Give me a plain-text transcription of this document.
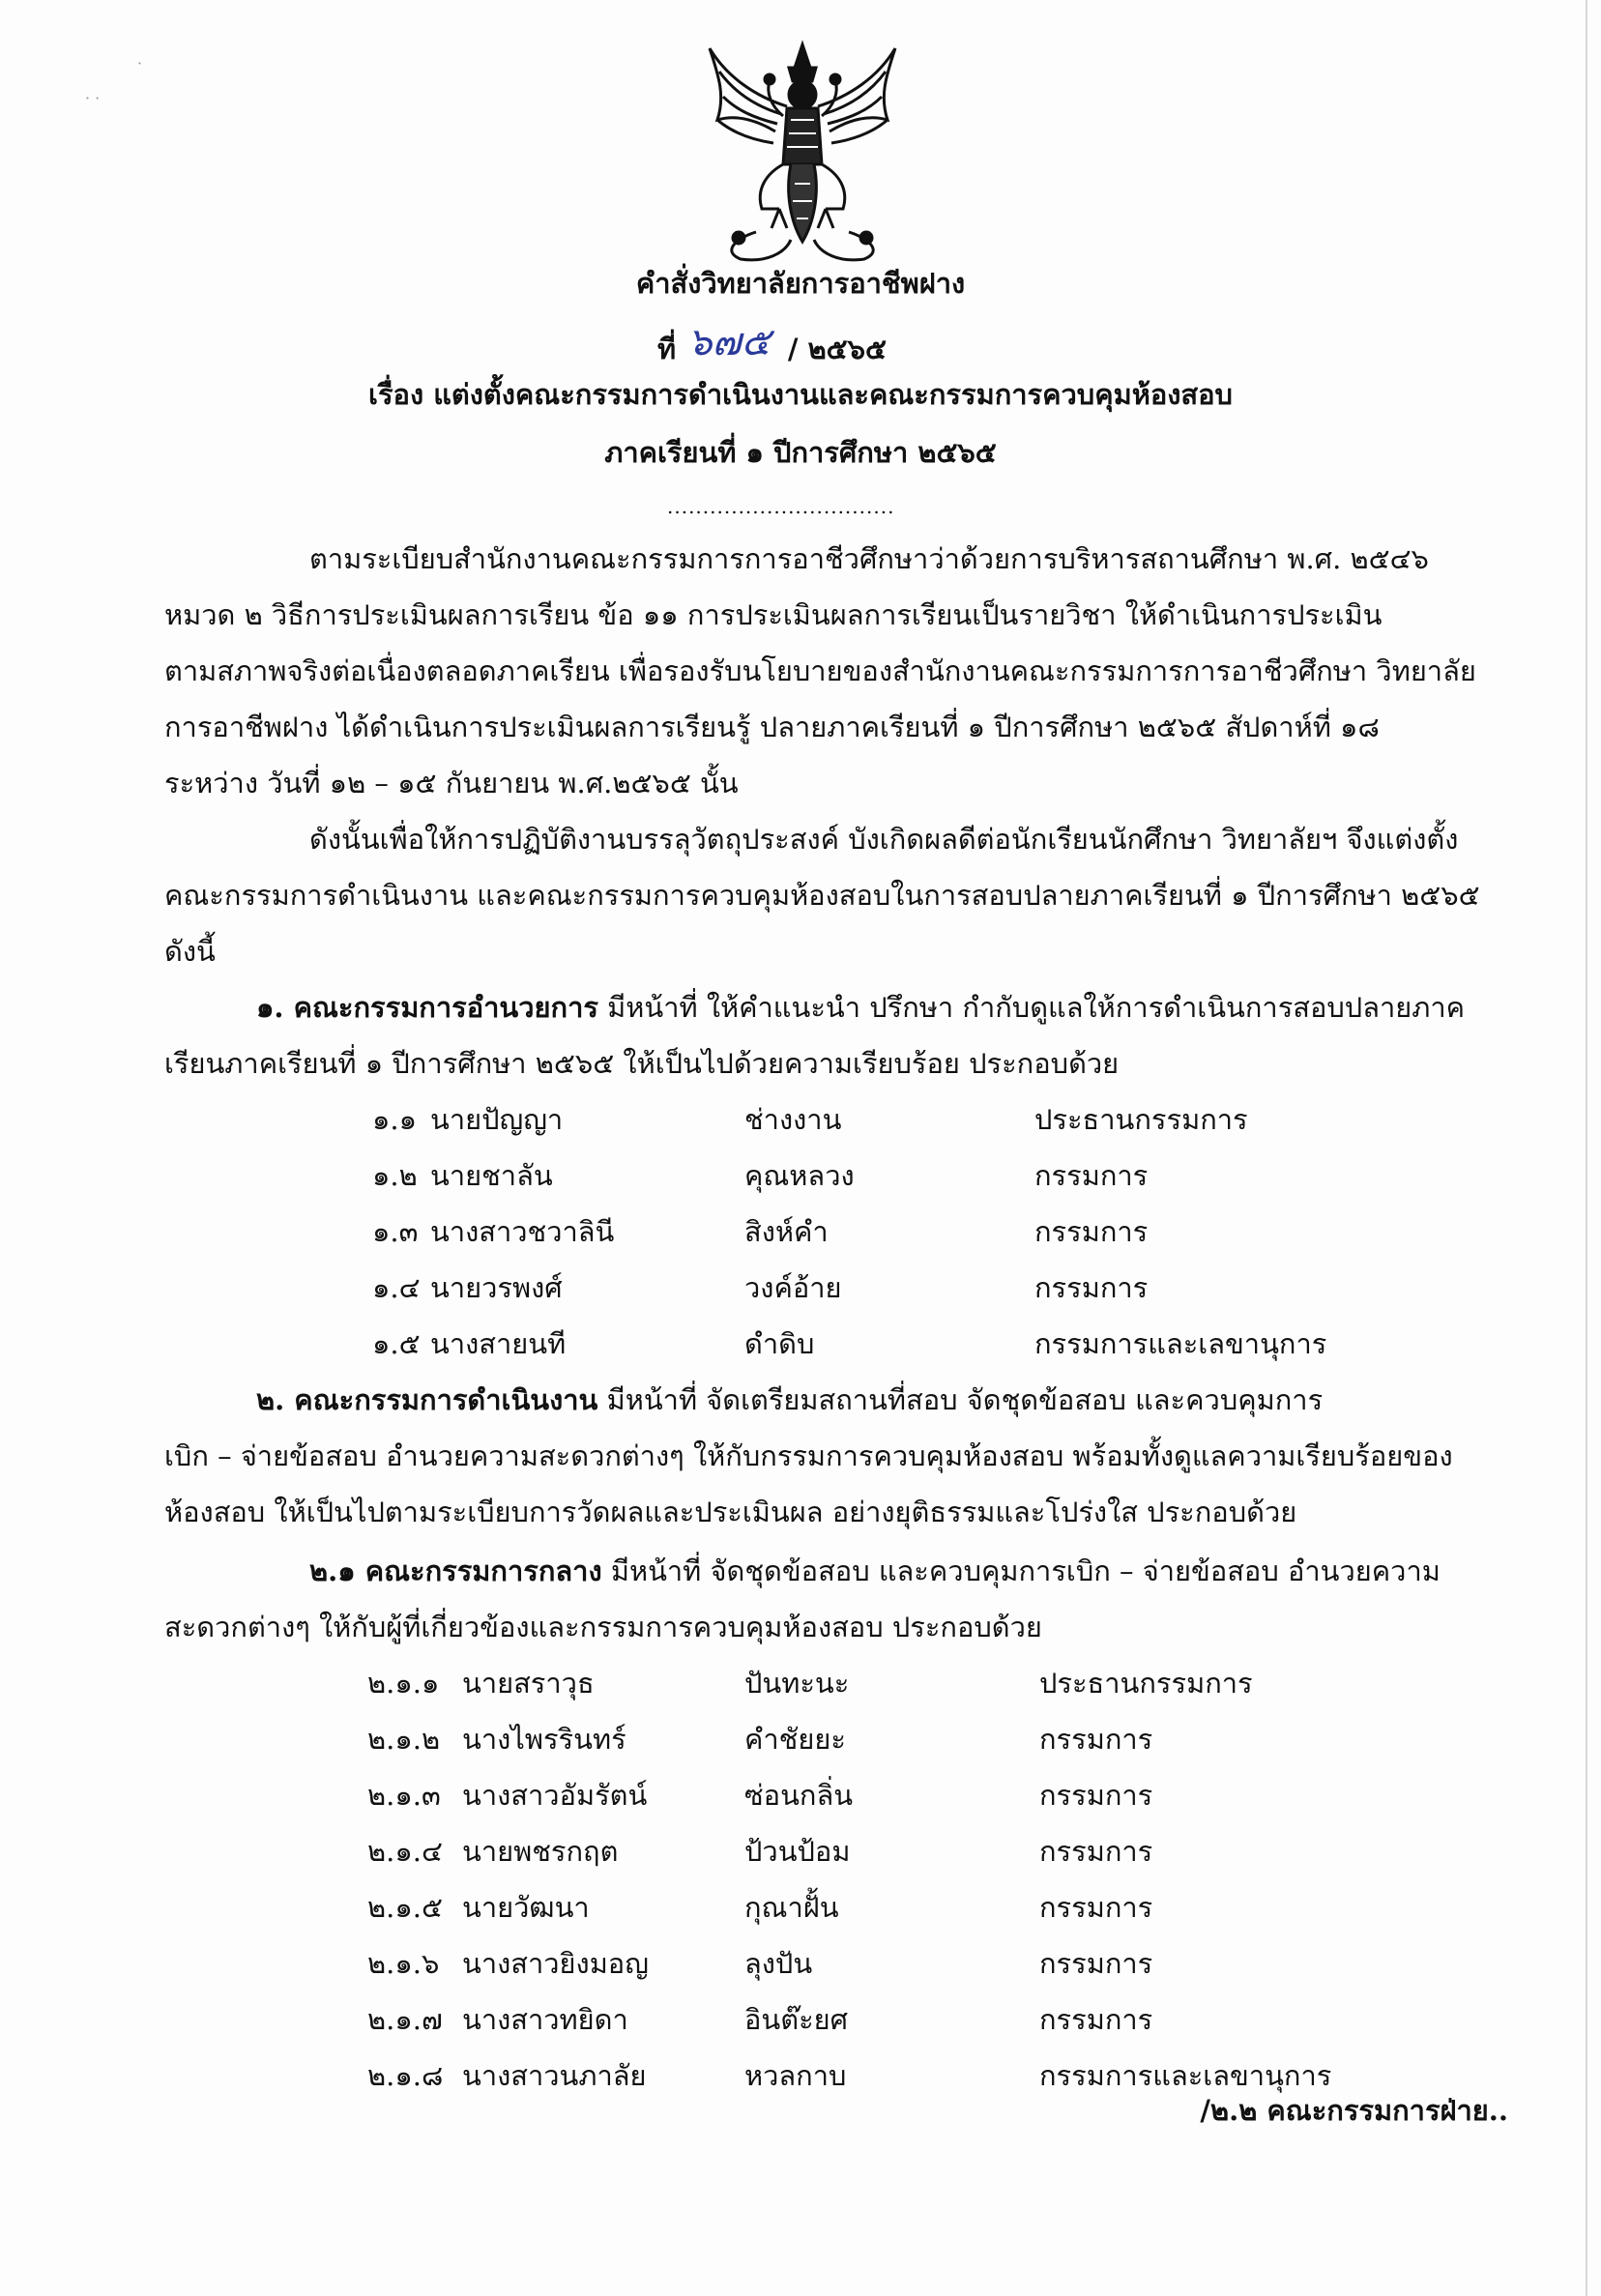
· ·
·
คำสั่งวิทยาลัยการอาชีพฝาง
ที่ ๖๗๕ / ๒๕๖๕
เรื่อง แต่งตั้งคณะกรรมการดำเนินงานและคณะกรรมการควบคุมห้องสอบ
ภาคเรียนที่ ๑ ปีการศึกษา ๒๕๖๕
................................
ตามระเบียบสำนักงานคณะกรรมการการอาชีวศึกษาว่าด้วยการบริหารสถานศึกษา พ.ศ. ๒๕๔๖
หมวด ๒ วิธีการประเมินผลการเรียน ข้อ ๑๑ การประเมินผลการเรียนเป็นรายวิชา ให้ดำเนินการประเมิน
ตามสภาพจริงต่อเนื่องตลอดภาคเรียน เพื่อรองรับนโยบายของสำนักงานคณะกรรมการการอาชีวศึกษา วิทยาลัย
การอาชีพฝาง ได้ดำเนินการประเมินผลการเรียนรู้ ปลายภาคเรียนที่ ๑ ปีการศึกษา ๒๕๖๕ สัปดาห์ที่ ๑๘
ระหว่าง วันที่ ๑๒ – ๑๕ กันยายน พ.ศ.๒๕๖๕ นั้น
ดังนั้นเพื่อให้การปฏิบัติงานบรรลุวัตถุประสงค์ บังเกิดผลดีต่อนักเรียนนักศึกษา วิทยาลัยฯ จึงแต่งตั้ง
คณะกรรมการดำเนินงาน และคณะกรรมการควบคุมห้องสอบในการสอบปลายภาคเรียนที่ ๑ ปีการศึกษา ๒๕๖๕
ดังนี้
๑. คณะกรรมการอำนวยการ มีหน้าที่ ให้คำแนะนำ ปรึกษา กำกับดูแลให้การดำเนินการสอบปลายภาค
เรียนภาคเรียนที่ ๑ ปีการศึกษา ๒๕๖๕ ให้เป็นไปด้วยความเรียบร้อย ประกอบด้วย
๑.๑ นายปัญญา	ช่างงาน	ประธานกรรมการ
๑.๒ นายชาลัน	คุณหลวง	กรรมการ
๑.๓ นางสาวชวาลินี	สิงห์คำ	กรรมการ
๑.๔ นายวรพงศ์	วงค์อ้าย	กรรมการ
๑.๕ นางสายนที	ดำดิบ	กรรมการและเลขานุการ
๒. คณะกรรมการดำเนินงาน มีหน้าที่ จัดเตรียมสถานที่สอบ จัดชุดข้อสอบ และควบคุมการ
เบิก – จ่ายข้อสอบ อำนวยความสะดวกต่างๆ ให้กับกรรมการควบคุมห้องสอบ พร้อมทั้งดูแลความเรียบร้อยของ
ห้องสอบ ให้เป็นไปตามระเบียบการวัดผลและประเมินผล อย่างยุติธรรมและโปร่งใส ประกอบด้วย
๒.๑ คณะกรรมการกลาง มีหน้าที่ จัดชุดข้อสอบ และควบคุมการเบิก – จ่ายข้อสอบ อำนวยความ
สะดวกต่างๆ ให้กับผู้ที่เกี่ยวข้องและกรรมการควบคุมห้องสอบ ประกอบด้วย
๒.๑.๑ นายสราวุธ	ปันทะนะ	ประธานกรรมการ
๒.๑.๒ นางไพรรินทร์	คำชัยยะ	กรรมการ
๒.๑.๓ นางสาวอัมรัตน์	ซ่อนกลิ่น	กรรมการ
๒.๑.๔ นายพชรกฤต	ป้วนป้อม	กรรมการ
๒.๑.๕ นายวัฒนา	กุณาฝั้น	กรรมการ
๒.๑.๖ นางสาวยิงมอญ	ลุงปัน	กรรมการ
๒.๑.๗ นางสาวทยิดา	อินต๊ะยศ	กรรมการ
๒.๑.๘ นางสาวนภาลัย	หวลกาบ	กรรมการและเลขานุการ
/๒.๒ คณะกรรมการฝ่าย..
